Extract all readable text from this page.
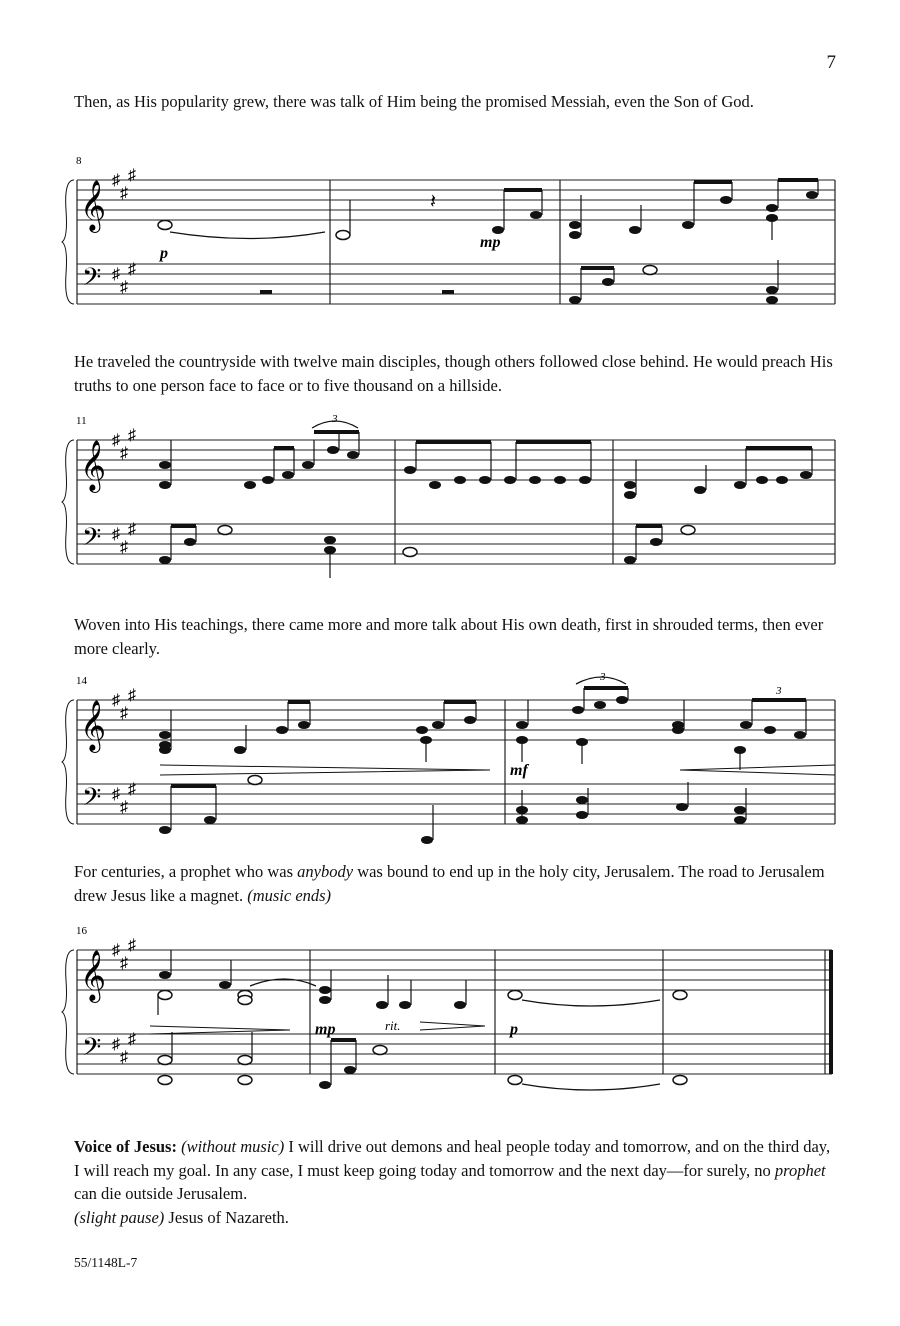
7
Then, as His popularity grew, there was talk of Him being the promised Messiah, even the Son of God.
8
𝄞
𝄢
♯
♯
♯
♯
♯
♯
𝄽
p
mp
He traveled the countryside with twelve main disciples, though others followed close behind. He would preach His truths to one person face to face or to five thousand on a hillside.
11
𝄞
𝄢
♯
♯
♯
♯
♯
♯
3
Woven into His teachings, there came more and more talk about His own death, first in shrouded terms, then ever more clearly.
14
𝄞
𝄢
♯
♯
♯
♯
♯
♯
3
3
mf
For centuries, a prophet who was anybody was bound to end up in the holy city, Jerusalem. The road to Jerusalem drew Jesus like a magnet. (music ends)
16
𝄞
𝄢
♯
♯
♯
♯
♯
♯
mp	rit.	p
Voice of Jesus: (without music) I will drive out demons and heal people today and tomorrow, and on the third day, I will reach my goal. In any case, I must keep going today and tomorrow and the next day—for surely, no prophet can die outside Jerusalem.
(slight pause) Jesus of Nazareth.
55/1148L-7
